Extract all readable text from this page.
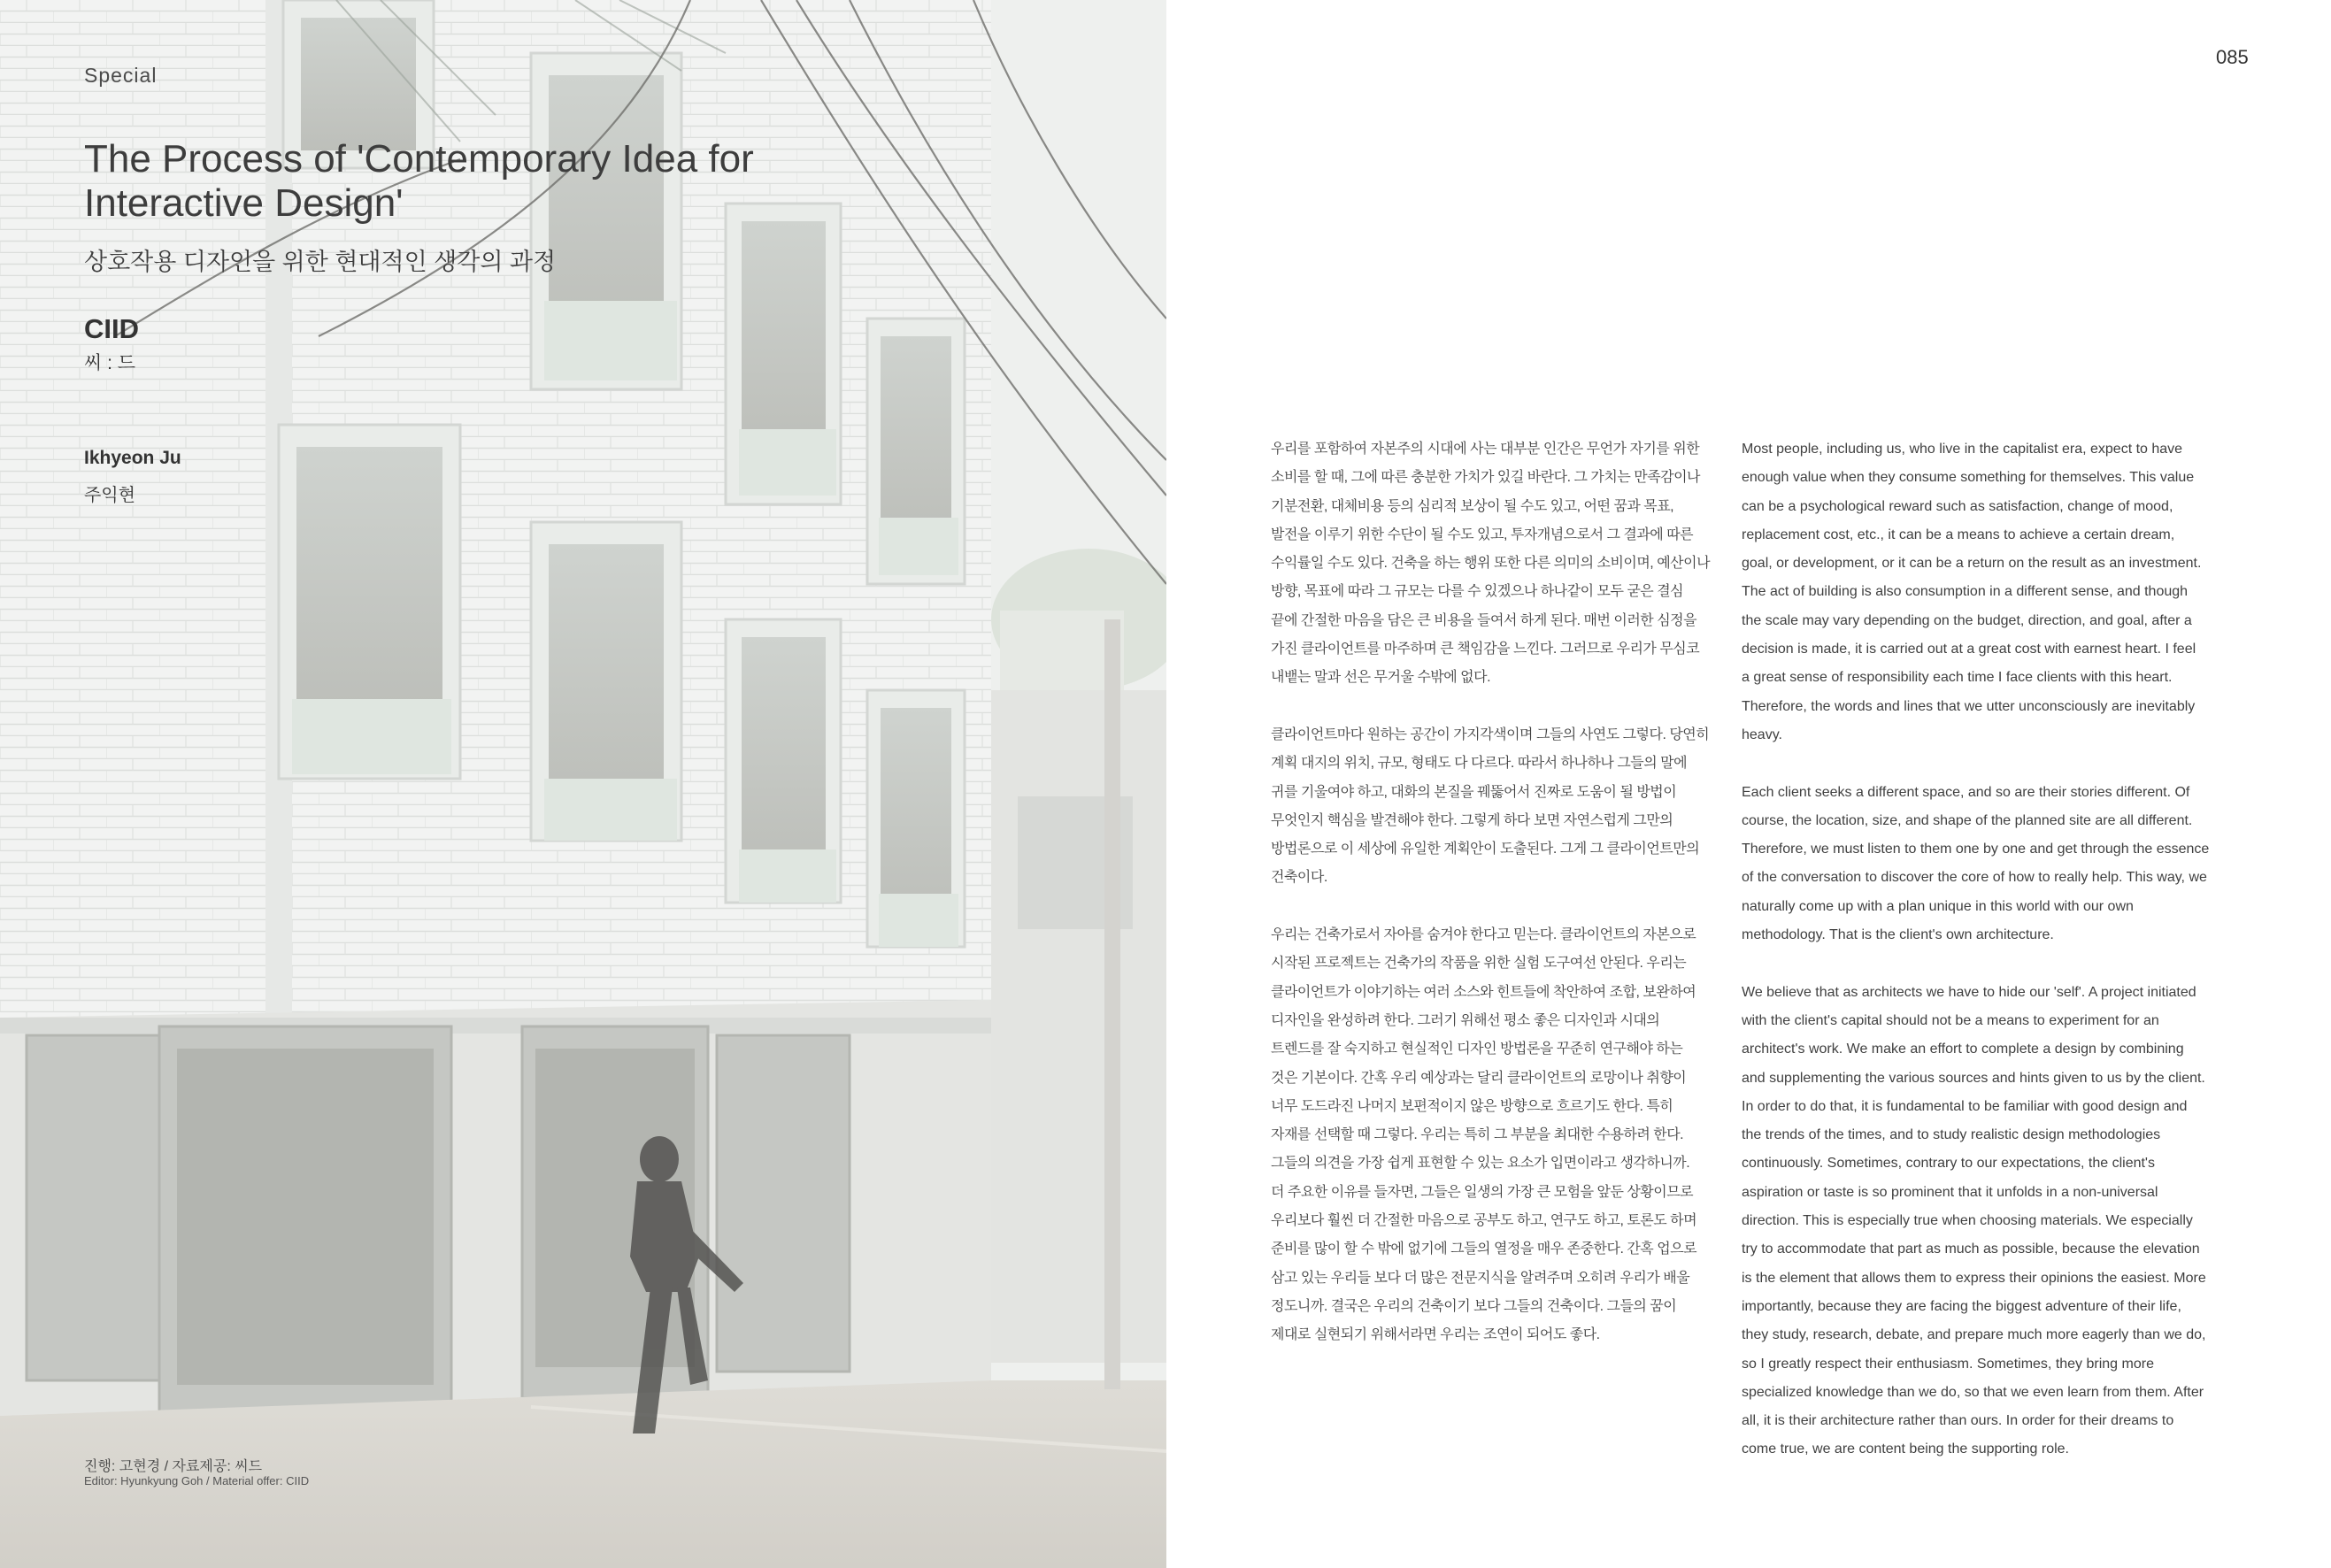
Special
The Process of 'Contemporary Idea for
Interactive Design'
상호작용 디자인을 위한 현대적인 생각의 과정
CIID
씨 : 드
Ikhyeon Ju
주익현
진행: 고현경 / 자료제공: 씨드
Editor: Hyunkyung Goh / Material offer: CIID
085

우리를 포함하여 자본주의 시대에 사는 대부분 인간은 무언가 자기를 위한
소비를 할 때, 그에 따른 충분한 가치가 있길 바란다. 그 가치는 만족감이나
기분전환, 대체비용 등의 심리적 보상이 될 수도 있고, 어떤 꿈과 목표,
발전을 이루기 위한 수단이 될 수도 있고, 투자개념으로서 그 결과에 따른
수익률일 수도 있다. 건축을 하는 행위 또한 다른 의미의 소비이며, 예산이나
방향, 목표에 따라 그 규모는 다를 수 있겠으나 하나같이 모두 굳은 결심
끝에 간절한 마음을 담은 큰 비용을 들여서 하게 된다. 매번 이러한 심정을
가진 클라이언트를 마주하며 큰 책임감을 느낀다. 그러므로 우리가 무심코
내뱉는 말과 선은 무거울 수밖에 없다.

클라이언트마다 원하는 공간이 가지각색이며 그들의 사연도 그렇다. 당연히
계획 대지의 위치, 규모, 형태도 다 다르다. 따라서 하나하나 그들의 말에
귀를 기울여야 하고, 대화의 본질을 꿰뚫어서 진짜로 도움이 될 방법이
무엇인지 핵심을 발견해야 한다. 그렇게 하다 보면 자연스럽게 그만의
방법론으로 이 세상에 유일한 계획안이 도출된다. 그게 그 클라이언트만의
건축이다.

우리는 건축가로서 자아를 숨겨야 한다고 믿는다. 클라이언트의 자본으로
시작된 프로젝트는 건축가의 작품을 위한 실험 도구여선 안된다. 우리는
클라이언트가 이야기하는 여러 소스와 힌트들에 착안하여 조합, 보완하여
디자인을 완성하려 한다. 그러기 위해선 평소 좋은 디자인과 시대의
트렌드를 잘 숙지하고 현실적인 디자인 방법론을 꾸준히 연구해야 하는
것은 기본이다. 간혹 우리 예상과는 달리 클라이언트의 로망이나 취향이
너무 도드라진 나머지 보편적이지 않은 방향으로 흐르기도 한다. 특히
자재를 선택할 때 그렇다. 우리는 특히 그 부분을 최대한 수용하려 한다.
그들의 의견을 가장 쉽게 표현할 수 있는 요소가 입면이라고 생각하니까.
더 주요한 이유를 들자면, 그들은 일생의 가장 큰 모험을 앞둔 상황이므로
우리보다 훨씬 더 간절한 마음으로 공부도 하고, 연구도 하고, 토론도 하며
준비를 많이 할 수 밖에 없기에 그들의 열정을 매우 존중한다. 간혹 업으로
삼고 있는 우리들 보다 더 많은 전문지식을 알려주며 오히려 우리가 배울
정도니까. 결국은 우리의 건축이기 보다 그들의 건축이다. 그들의 꿈이
제대로 실현되기 위해서라면 우리는 조연이 되어도 좋다.

Most people, including us, who live in the capitalist era, expect to have
enough value when they consume something for themselves. This value
can be a psychological reward such as satisfaction, change of mood,
replacement cost, etc., it can be a means to achieve a certain dream,
goal, or development, or it can be a return on the result as an investment.
The act of building is also consumption in a different sense, and though
the scale may vary depending on the budget, direction, and goal, after a
decision is made, it is carried out at a great cost with earnest heart. I feel
a great sense of responsibility each time I face clients with this heart.
Therefore, the words and lines that we utter unconsciously are inevitably
heavy.

Each client seeks a different space, and so are their stories different. Of
course, the location, size, and shape of the planned site are all different.
Therefore, we must listen to them one by one and get through the essence
of the conversation to discover the core of how to really help. This way, we
naturally come up with a plan unique in this world with our own
methodology. That is the client's own architecture.

We believe that as architects we have to hide our 'self'. A project initiated
with the client's capital should not be a means to experiment for an
architect's work. We make an effort to complete a design by combining
and supplementing the various sources and hints given to us by the client.
In order to do that, it is fundamental to be familiar with good design and
the trends of the times, and to study realistic design methodologies
continuously. Sometimes, contrary to our expectations, the client's
aspiration or taste is so prominent that it unfolds in a non-universal
direction. This is especially true when choosing materials. We especially
try to accommodate that part as much as possible, because the elevation
is the element that allows them to express their opinions the easiest. More
importantly, because they are facing the biggest adventure of their life,
they study, research, debate, and prepare much more eagerly than we do,
so I greatly respect their enthusiasm. Sometimes, they bring more
specialized knowledge than we do, so that we even learn from them. After
all, it is their architecture rather than ours. In order for their dreams to
come true, we are content being the supporting role.
